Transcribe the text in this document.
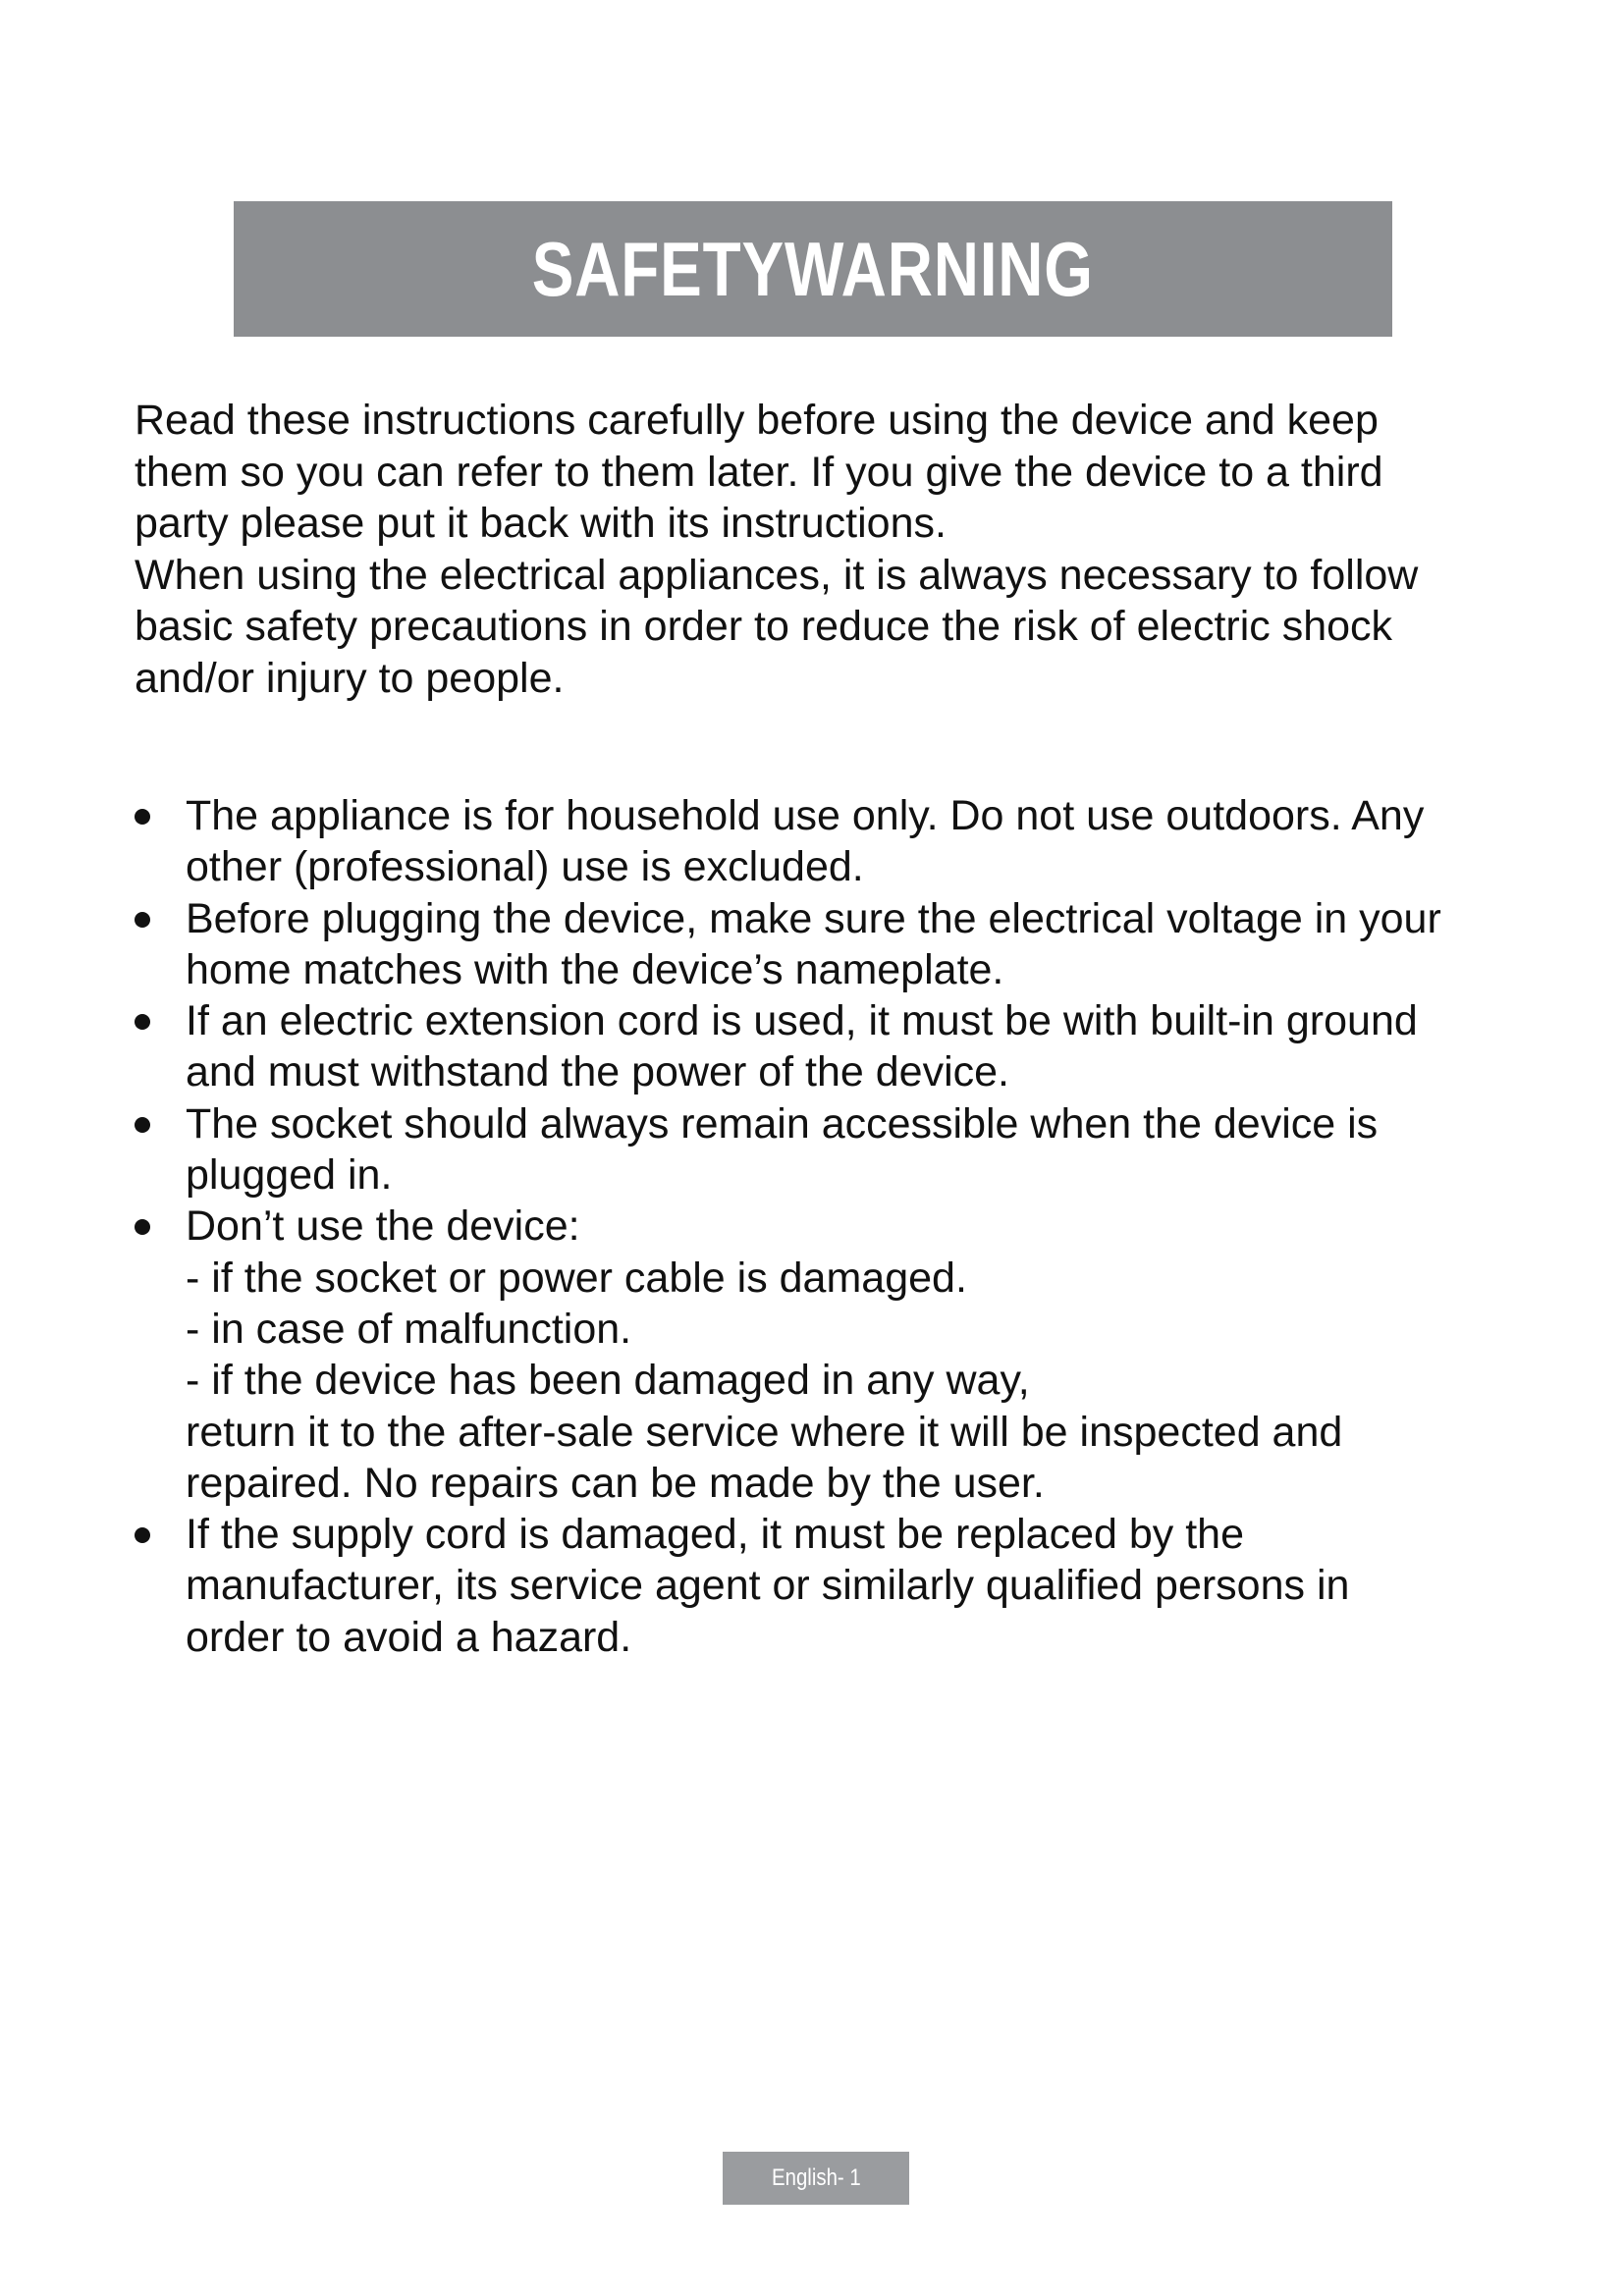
SAFETYWARNING

Read these instructions carefully before using the device and keep

them so you can refer to them later. If you give the device to a third

party please put it back with its instructions.

When using the electrical appliances, it is always necessary to follow

basic safety precautions in order to reduce the risk of electric shock

and/or injury to people.

The appliance is for household use only. Do not use outdoors. Any
other (professional) use is excluded.
Before plugging the device, make sure the electrical voltage in your
home matches with the device’s nameplate.
If an electric extension cord is used, it must be with built-in ground
and must withstand the power of the device.
The socket should always remain accessible when the device is
plugged in.
Don’t use the device:
- if the socket or power cable is damaged.
- in case of malfunction.
- if the device has been damaged in any way,
return it to the after-sale service where it will be inspected and
repaired. No repairs can be made by the user.
If the supply cord is damaged, it must be replaced by the
manufacturer, its service agent or similarly qualified persons in
order to avoid a hazard.
English- 1
